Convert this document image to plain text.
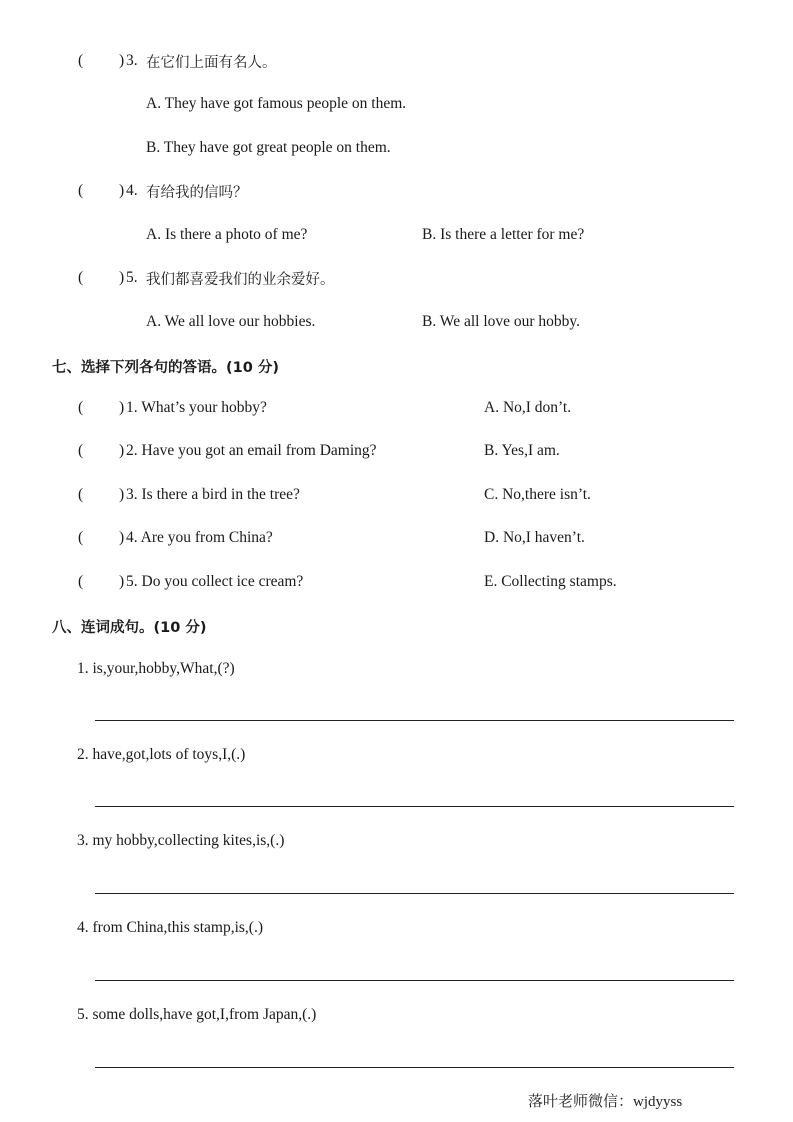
( ) 3. 在它们上面有名人。
A. They have got famous people on them.
B. They have got great people on them.
( ) 4. 有给我的信吗？
A. Is there a photo of me?	B. Is there a letter for me?
( ) 5. 我们都喜爱我们的业余爱好。
A. We all love our hobbies.	B. We all love our hobby.
七、选择下列各句的答语。(10 分)
( ) 1. What’s your hobby?
( ) 2. Have you got an email from Daming?
( ) 3. Is there a bird in the tree?
( ) 4. Are you from China?
( ) 5. Do you collect ice cream?
A. No,I don’t.
B. Yes,I am.
C. No,there isn’t.
D. No,I haven’t.
E. Collecting stamps.
八、连词成句。(10 分)
1. is,your,hobby,What,(?)
2. have,got,lots of toys,I,(.)
3. my hobby,collecting kites,is,(.)
4. from China,this stamp,is,(.)
5. some dolls,have got,I,from Japan,(.)
落叶老师微信：wjdyyss
